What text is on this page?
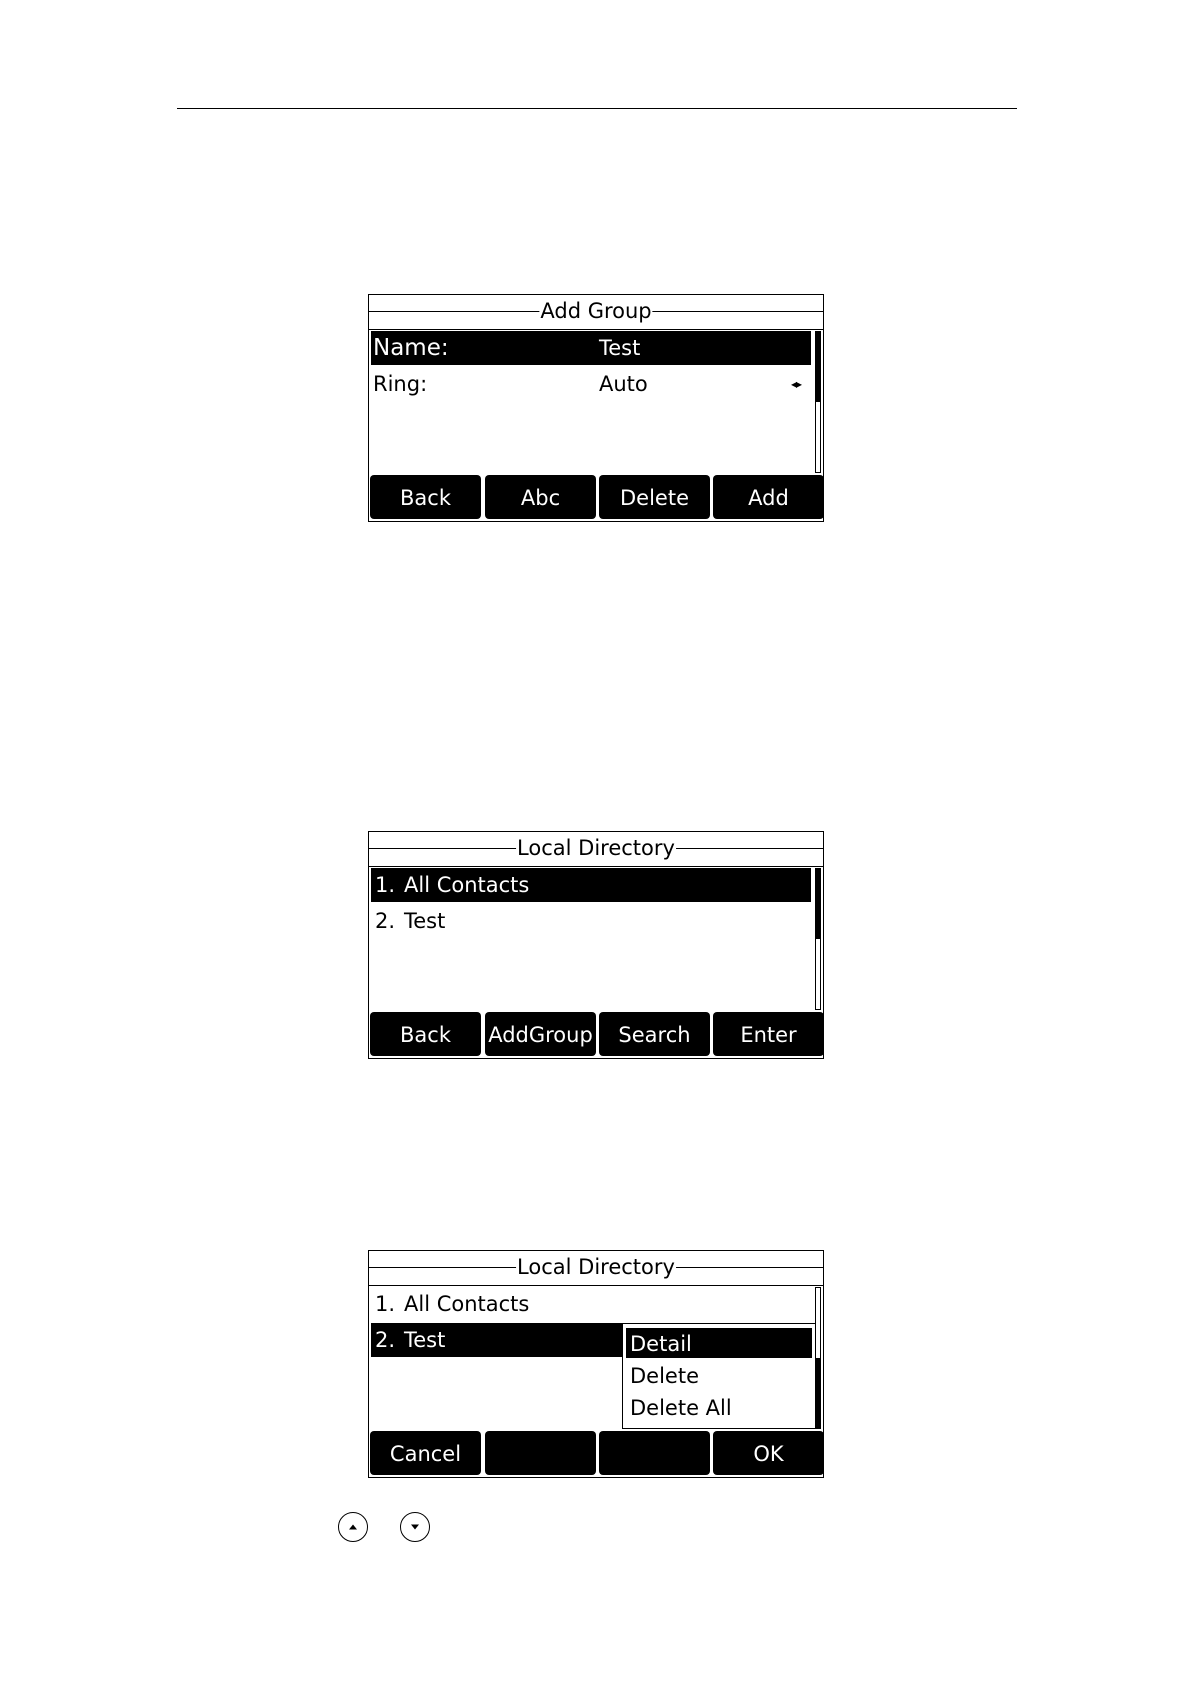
Add Group
Name:	Test
Ring:	Auto	◂▸
Back	Abc	Delete	Add
Local Directory
1. All Contacts
2. Test
Back	AddGroup	Search	Enter
Local Directory
1. All Contacts
2. Test	Detail
Delete
Delete All
Cancel	OK
